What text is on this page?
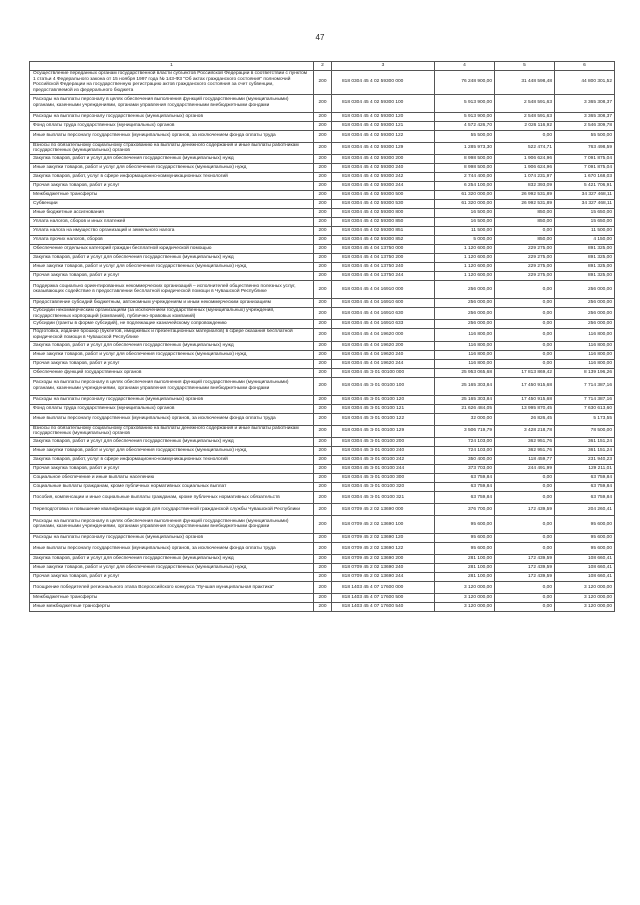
47
1	2	3	4	5	6
Осуществление переданных органам государственной власти субъектов Российской Федерации в соответствии с пунктом 1 статьи 4 Федерального закона от 15 ноября 1997 года № 143-ФЗ "Об актах гражданского состояния" полномочий Российской Федерации на государственную регистрацию актов гражданского состояния за счет субвенции, предоставляемой из федерального бюджета	200	818 0304 45 4 02 59300 000	76 248 900,00	31 448 598,48	44 800 301,52
Расходы на выплаты персоналу в целях обеспечения выполнения функций государственными (муниципальными) органами, казенными учреждениями, органами управления государственными внебюджетными фондами	200	818 0304 45 4 02 59300 100	5 913 900,00	2 548 591,63	3 365 308,37
Расходы на выплаты персоналу государственных (муниципальных) органов	200	818 0304 45 4 02 59300 120	5 913 900,00	2 548 591,63	3 365 308,37
Фонд оплаты труда государственных (муниципальных) органов	200	818 0304 45 4 02 59300 121	4 572 426,70	2 026 116,92	2 546 309,78
Иные выплаты персоналу государственных (муниципальных) органов, за исключением фонда оплаты труда	200	818 0304 45 4 02 59300 122	55 500,00	0,00	55 500,00
Взносы по обязательному социальному страхованию на выплаты денежного содержания и иные выплаты работникам государственных (муниципальных) органов	200	818 0304 45 4 02 59300 129	1 285 973,30	522 474,71	763 498,59
Закупка товаров, работ и услуг для обеспечения государственных (муниципальных) нужд	200	818 0304 45 4 02 59300 200	8 998 500,00	1 906 624,96	7 091 875,04
Иные закупки товаров, работ и услуг для обеспечения государственных (муниципальных) нужд	200	818 0304 45 4 02 59300 240	8 998 500,00	1 906 624,96	7 091 875,04
Закупка товаров, работ, услуг в сфере информационно-коммуникационных технологий	200	818 0304 45 4 02 59300 242	2 744 400,00	1 074 231,97	1 670 168,03
Прочая закупка товаров, работ и услуг	200	818 0304 45 4 02 59300 244	6 254 100,00	832 393,09	5 421 706,91
Межбюджетные трансферты	200	818 0304 45 4 02 59300 500	61 320 000,00	26 992 531,89	34 327 468,11
Субвенции	200	818 0304 45 4 02 59300 530	61 320 000,00	26 992 531,89	34 327 468,11
Иные бюджетные ассигнования	200	818 0304 45 4 02 59300 800	16 500,00	850,00	15 650,00
Уплата налогов, сборов и иных платежей	200	818 0304 45 4 02 59300 850	16 500,00	850,00	15 650,00
Уплата налога на имущество организаций и земельного налога	200	818 0304 45 4 02 59300 851	11 500,00	0,00	11 500,00
Уплата прочих налогов, сборов	200	818 0304 45 4 02 59300 852	5 000,00	850,00	4 150,00
Обеспечение отдельных категорий граждан бесплатной юридической помощью	200	818 0304 45 4 04 13750 000	1 120 600,00	229 275,00	891 325,00
Закупка товаров, работ и услуг для обеспечения государственных (муниципальных) нужд	200	818 0304 45 4 04 13750 200	1 120 600,00	229 275,00	891 325,00
Иные закупки товаров, работ и услуг для обеспечения государственных (муниципальных) нужд	200	818 0304 45 4 04 13750 240	1 120 600,00	229 275,00	891 325,00
Прочая закупка товаров, работ и услуг	200	818 0304 45 4 04 13750 244	1 120 600,00	229 275,00	891 325,00
Поддержка социально ориентированных некоммерческих организаций – исполнителей общественно полезных услуг, оказывающих содействие в предоставлении бесплатной юридической помощи в Чувашской Республике	200	818 0304 45 4 04 16910 000	256 000,00	0,00	256 000,00
Предоставление субсидий бюджетным, автономным учреждениям и иным некоммерческим организациям	200	818 0304 45 4 04 16910 600	256 000,00	0,00	256 000,00
Субсидии некоммерческим организациям (за исключением государственных (муниципальных) учреждений, государственных корпораций (компаний), публично-правовых компаний)	200	818 0304 45 4 04 16910 630	256 000,00	0,00	256 000,00
Субсидии (гранты в форме субсидий), не подлежащие казначейскому сопровождению	200	818 0304 45 4 04 16910 633	256 000,00	0,00	256 000,00
Подготовка, издание брошюр (буклетов, имиджевых и презентационных материалов) в сфере оказания бесплатной юридической помощи в Чувашской Республике	200	818 0304 45 4 04 19620 000	116 800,00	0,00	116 800,00
Закупка товаров, работ и услуг для обеспечения государственных (муниципальных) нужд	200	818 0304 45 4 04 19620 200	116 800,00	0,00	116 800,00
Иные закупки товаров, работ и услуг для обеспечения государственных (муниципальных) нужд	200	818 0304 45 4 04 19620 240	116 800,00	0,00	116 800,00
Прочая закупка товаров, работ и услуг	200	818 0304 45 4 04 19620 244	116 800,00	0,00	116 800,00
Обеспечение функций государственных органов	200	818 0304 45 Э 01 00100 000	25 953 065,68	17 813 869,42	8 139 196,26
Расходы на выплаты персоналу в целях обеспечения выполнения функций государственными (муниципальными) органами, казенными учреждениями, органами управления государственными внебюджетными фондами	200	818 0304 45 Э 01 00100 100	25 165 303,84	17 450 915,68	7 714 387,16
Расходы на выплаты персоналу государственных (муниципальных) органов	200	818 0304 45 Э 01 00100 120	25 165 303,84	17 450 915,68	7 714 387,16
Фонд оплаты труда государственных (муниципальных) органов	200	818 0304 45 Э 01 00100 121	21 626 484,05	13 995 870,45	7 630 613,60
Иные выплаты персоналу государственных (муниципальных) органов, за исключением фонда оплаты труда	200	818 0304 45 Э 01 00100 122	32 000,00	26 826,45	5 173,55
Взносы по обязательному социальному страхованию на выплаты денежного содержания и иные выплаты работникам государственных (муниципальных) органов	200	818 0304 45 Э 01 00100 129	3 506 719,79	3 428 218,78	78 500,00
Закупка товаров, работ и услуг для обеспечения государственных (муниципальных) нужд	200	818 0304 45 Э 01 00100 200	724 103,00	362 951,76	361 151,24
Иные закупки товаров, работ и услуг для обеспечения государственных (муниципальных) нужд	200	818 0304 45 Э 01 00100 240	724 103,00	362 951,76	361 151,24
Закупка товаров, работ, услуг в сфере информационно-коммуникационных технологий	200	818 0304 45 Э 01 00100 242	350 400,00	118 459,77	231 940,23
Прочая закупка товаров, работ и услуг	200	818 0304 45 Э 01 00100 244	373 703,00	244 491,99	129 211,01
Социальное обеспечение и иные выплаты населению	200	818 0304 45 Э 01 00100 300	63 759,84	0,00	63 759,84
Социальные выплаты гражданам, кроме публичных нормативных социальных выплат	200	818 0304 45 Э 01 00100 320	63 759,84	0,00	63 759,84
Пособия, компенсации и иные социальные выплаты гражданам, кроме публичных нормативных обязательств	200	818 0304 45 Э 01 00100 321	63 759,84	0,00	63 759,84
Переподготовка и повышение квалификации кадров для государственной гражданской службы Чувашской Республики	200	818 0709 45 2 02 13690 000	376 700,00	172 439,59	204 260,41
Расходы на выплаты персоналу в целях обеспечения выполнения функций государственными (муниципальными) органами, казенными учреждениями, органами управления государственными внебюджетными фондами	200	818 0709 45 2 02 13690 100	95 600,00	0,00	95 600,00
Расходы на выплаты персоналу государственных (муниципальных) органов	200	818 0709 45 2 02 13690 120	95 600,00	0,00	95 600,00
Иные выплаты персоналу государственных (муниципальных) органов, за исключением фонда оплаты труда	200	818 0709 45 2 02 13690 122	95 600,00	0,00	95 600,00
Закупка товаров, работ и услуг для обеспечения государственных (муниципальных) нужд	200	818 0709 45 2 02 13690 200	281 100,00	172 439,59	108 660,41
Иные закупки товаров, работ и услуг для обеспечения государственных (муниципальных) нужд	200	818 0709 45 2 02 13690 240	281 100,00	172 439,59	108 660,41
Прочая закупка товаров, работ и услуг	200	818 0709 45 2 02 13690 244	281 100,00	172 439,59	108 660,41
Поощрение победителей регионального этапа Всероссийского конкурса "Лучшая муниципальная практика"	200	818 1403 45 4 07 17600 000	3 120 000,00	0,00	3 120 000,00
Межбюджетные трансферты	200	818 1403 45 4 07 17600 500	3 120 000,00	0,00	3 120 000,00
Иные межбюджетные трансферты	200	818 1403 45 4 07 17600 540	3 120 000,00	0,00	3 120 000,00
